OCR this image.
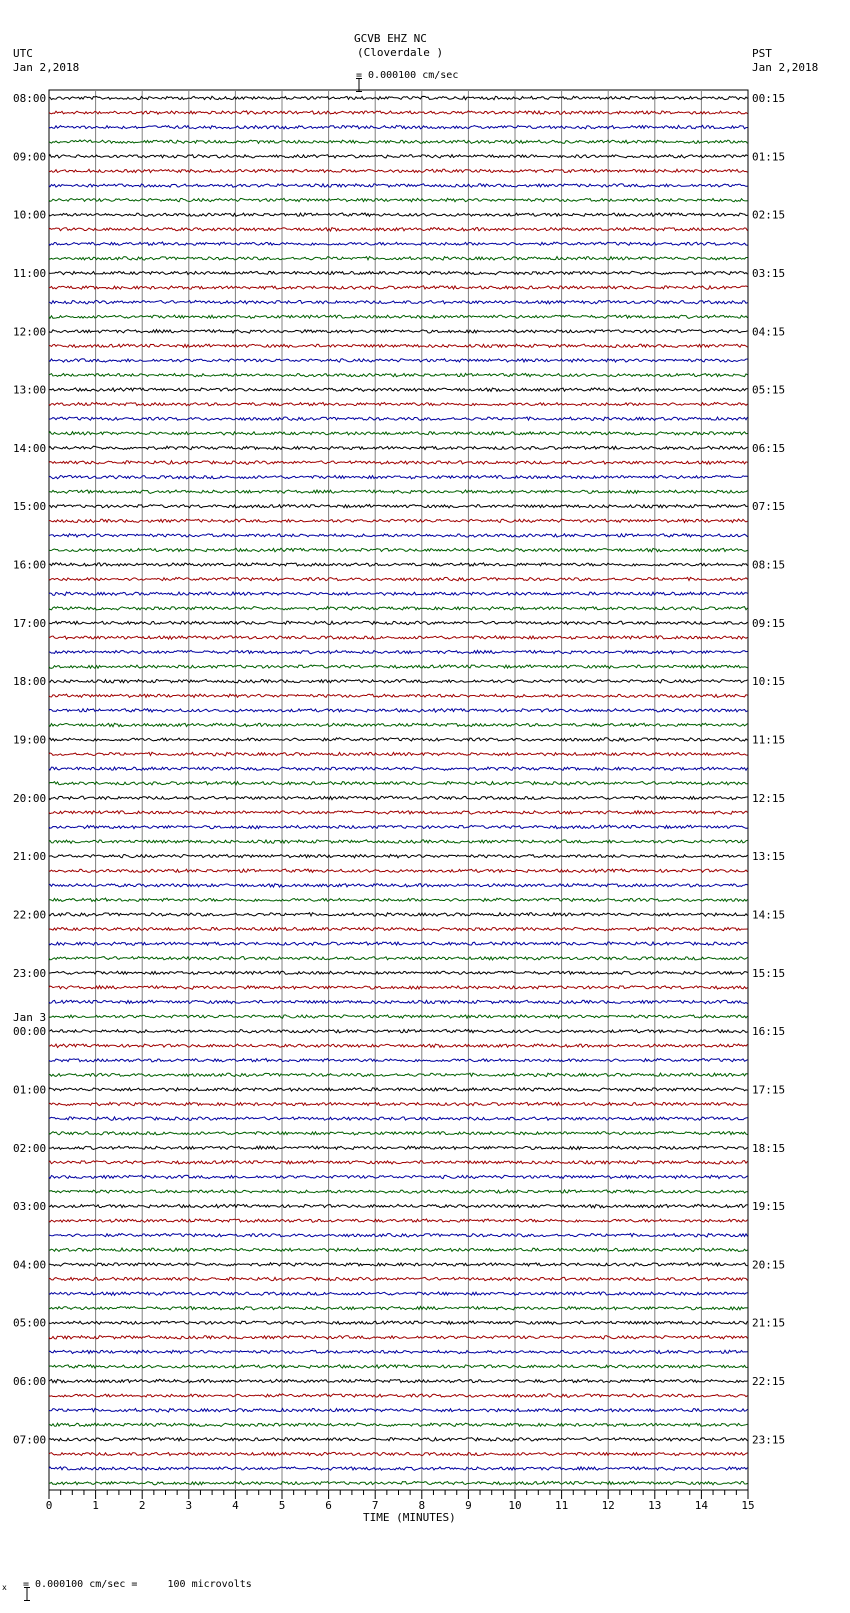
GCVB EHZ NC
(Cloverdale )
UTC
Jan 2,2018
PST
Jan 2,2018

= 0.000100 cm/sec
08:00
09:00
10:00
11:00
12:00
13:00
14:00
15:00
16:00
17:00
18:00
19:00
20:00
21:00
22:00
23:00
00:00
Jan 3
01:00
02:00
03:00
04:00
05:00
06:00
07:00
00:15
01:15
02:15
03:15
04:15
05:15
06:15
07:15
08:15
09:15
10:15
11:15
12:15
13:15
14:15
15:15
16:15
17:15
18:15
19:15
20:15
21:15
22:15
23:15
0	1	2	3	4	5	6	7	8	9	10	11	12	13	14	15
TIME (MINUTES)
x

= 0.000100 cm/sec =     100 microvolts
